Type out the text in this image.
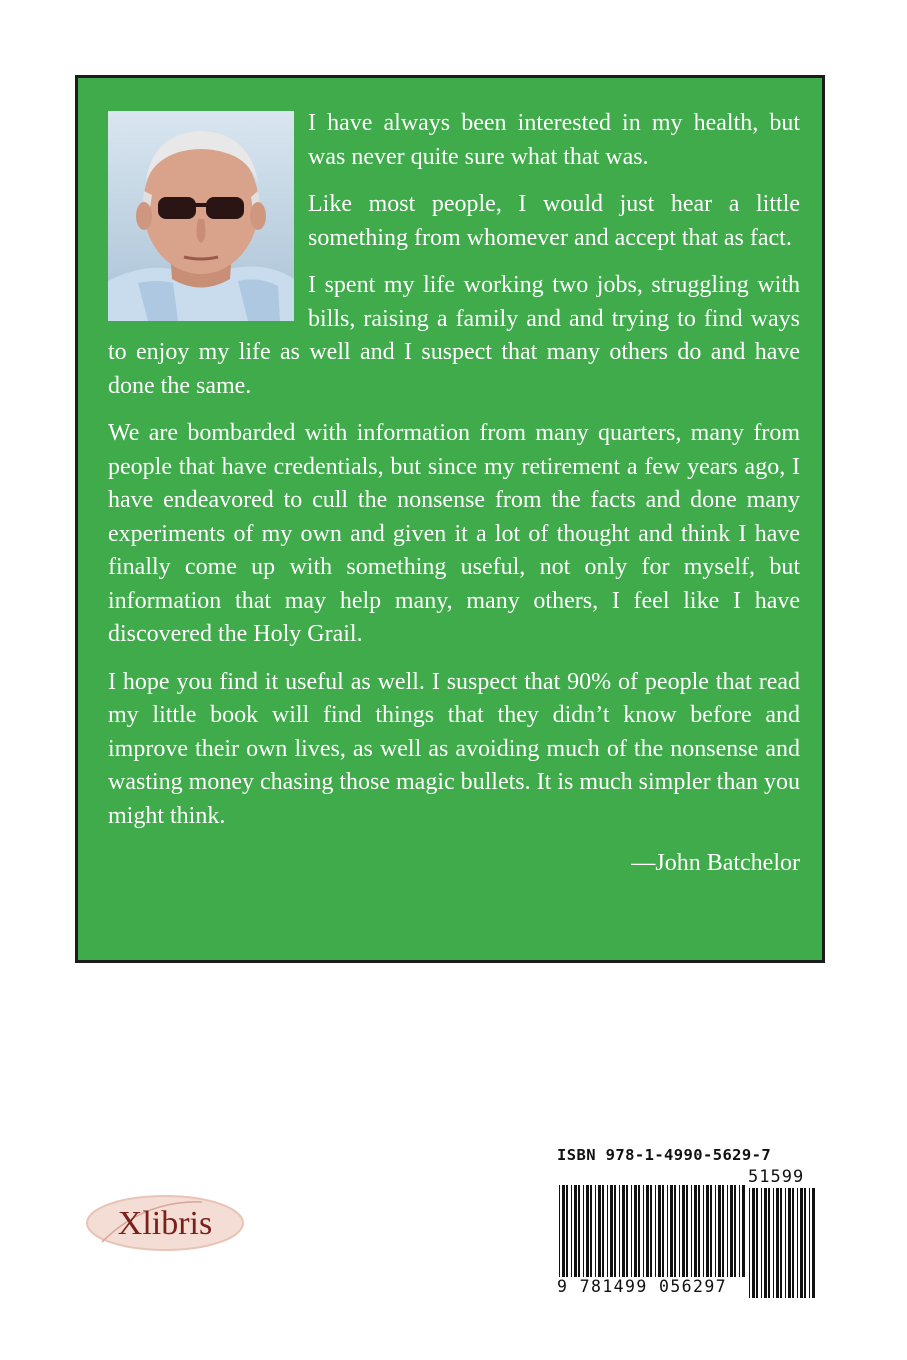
I have always been interested in my health, but was never quite sure what that was.

Like most people, I would just hear a little something from whomever and accept that as fact.

I spent my life working two jobs, struggling with bills, raising a family and and trying to find ways to enjoy my life as well and I suspect that many others do and have done the same.

We are bombarded with information from many quarters, many from people that have credentials, but since my retirement a few years ago, I have endeavored to cull the nonsense from the facts and done many experiments of my own and given it a lot of thought and think I have finally come up with something useful, not only for myself, but information that may help many, many others, I feel like I have discovered the Holy Grail.

I hope you find it useful as well. I suspect that 90% of people that read my little book will find things that they didn’t know before and improve their own lives, as well as avoiding much of the nonsense and wasting money chasing those magic bullets. It is much simpler than you might think.

—John Batchelor

Xlibris
ISBN 978-1-4990-5629-7
51599
9 781499 056297
